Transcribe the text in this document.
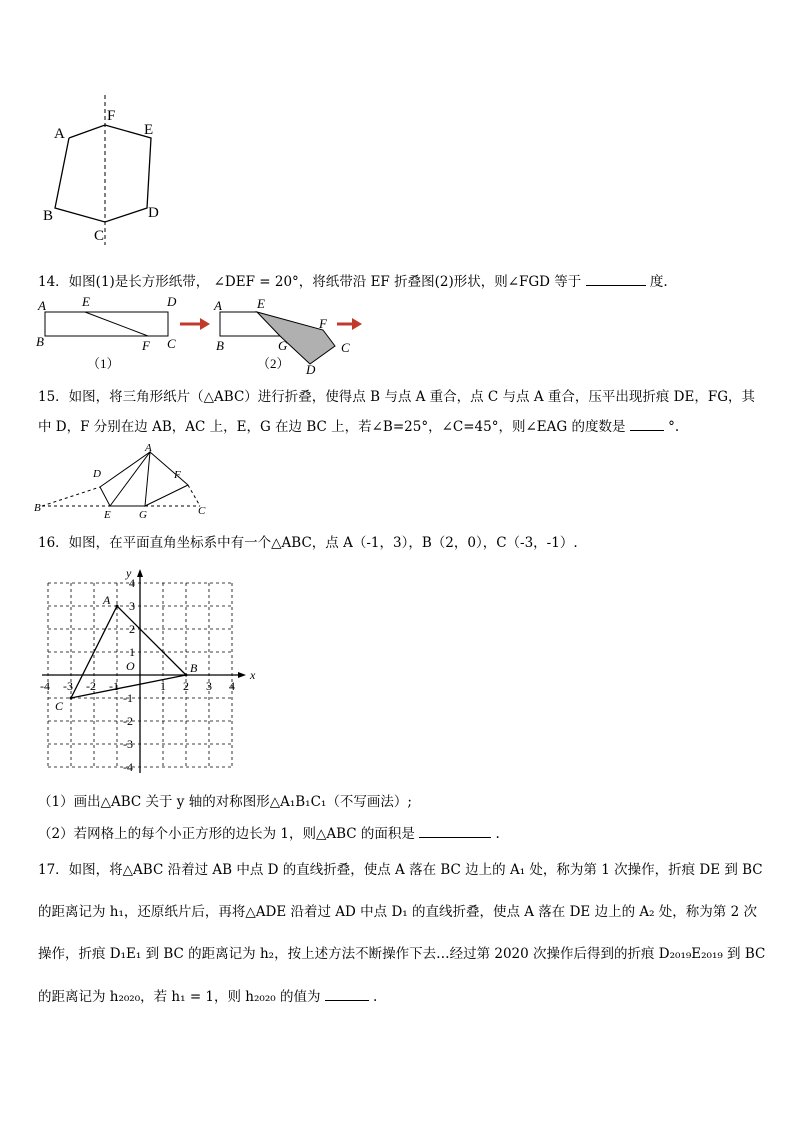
A
F
E
B
C
D
14．如图(1)是长方形纸带， ∠DEF = 20°，将纸带沿 EF 折叠图(2)形状，则∠FGD 等于	度.
A	E	D
B	F C
（1）
A	E
F
B	G	C
D
（2）
15．如图，将三角形纸片（△ABC）进行折叠，使得点 B 与点 A 重合，点 C 与点 A 重合，压平出现折痕 DE，FG，其
中 D，F 分别在边 AB，AC 上，E，G 在边 BC 上，若∠B=25°，∠C=45°，则∠EAG 的度数是	°.
A
D	F
B
E	G	C
16．如图，在平面直角坐标系中有一个△ABC，点 A（-1，3），B（2，0），C（-3，-1）.
A
B
C
-4 -3 -2 -1	1 2 3 4
4
3
2
1
-1
-2
-3
-4
x
y
O
（1）画出△ABC 关于 y 轴的对称图形△A₁B₁C₁（不写画法）;
（2）若网格上的每个小正方形的边长为 1，则△ABC 的面积是	.
17．如图，将△ABC 沿着过 AB 中点 D 的直线折叠，使点 A 落在 BC 边上的 A₁ 处，称为第 1 次操作，折痕 DE 到 BC
的距离记为 h₁，还原纸片后，再将△ADE 沿着过 AD 中点 D₁ 的直线折叠，使点 A 落在 DE 边上的 A₂ 处，称为第 2 次
操作，折痕 D₁E₁ 到 BC 的距离记为 h₂，按上述方法不断操作下去…经过第 2020 次操作后得到的折痕 D₂₀₁₉E₂₀₁₉ 到 BC
的距离记为 h₂₀₂₀，若 h₁ = 1，则 h₂₀₂₀ 的值为	.
